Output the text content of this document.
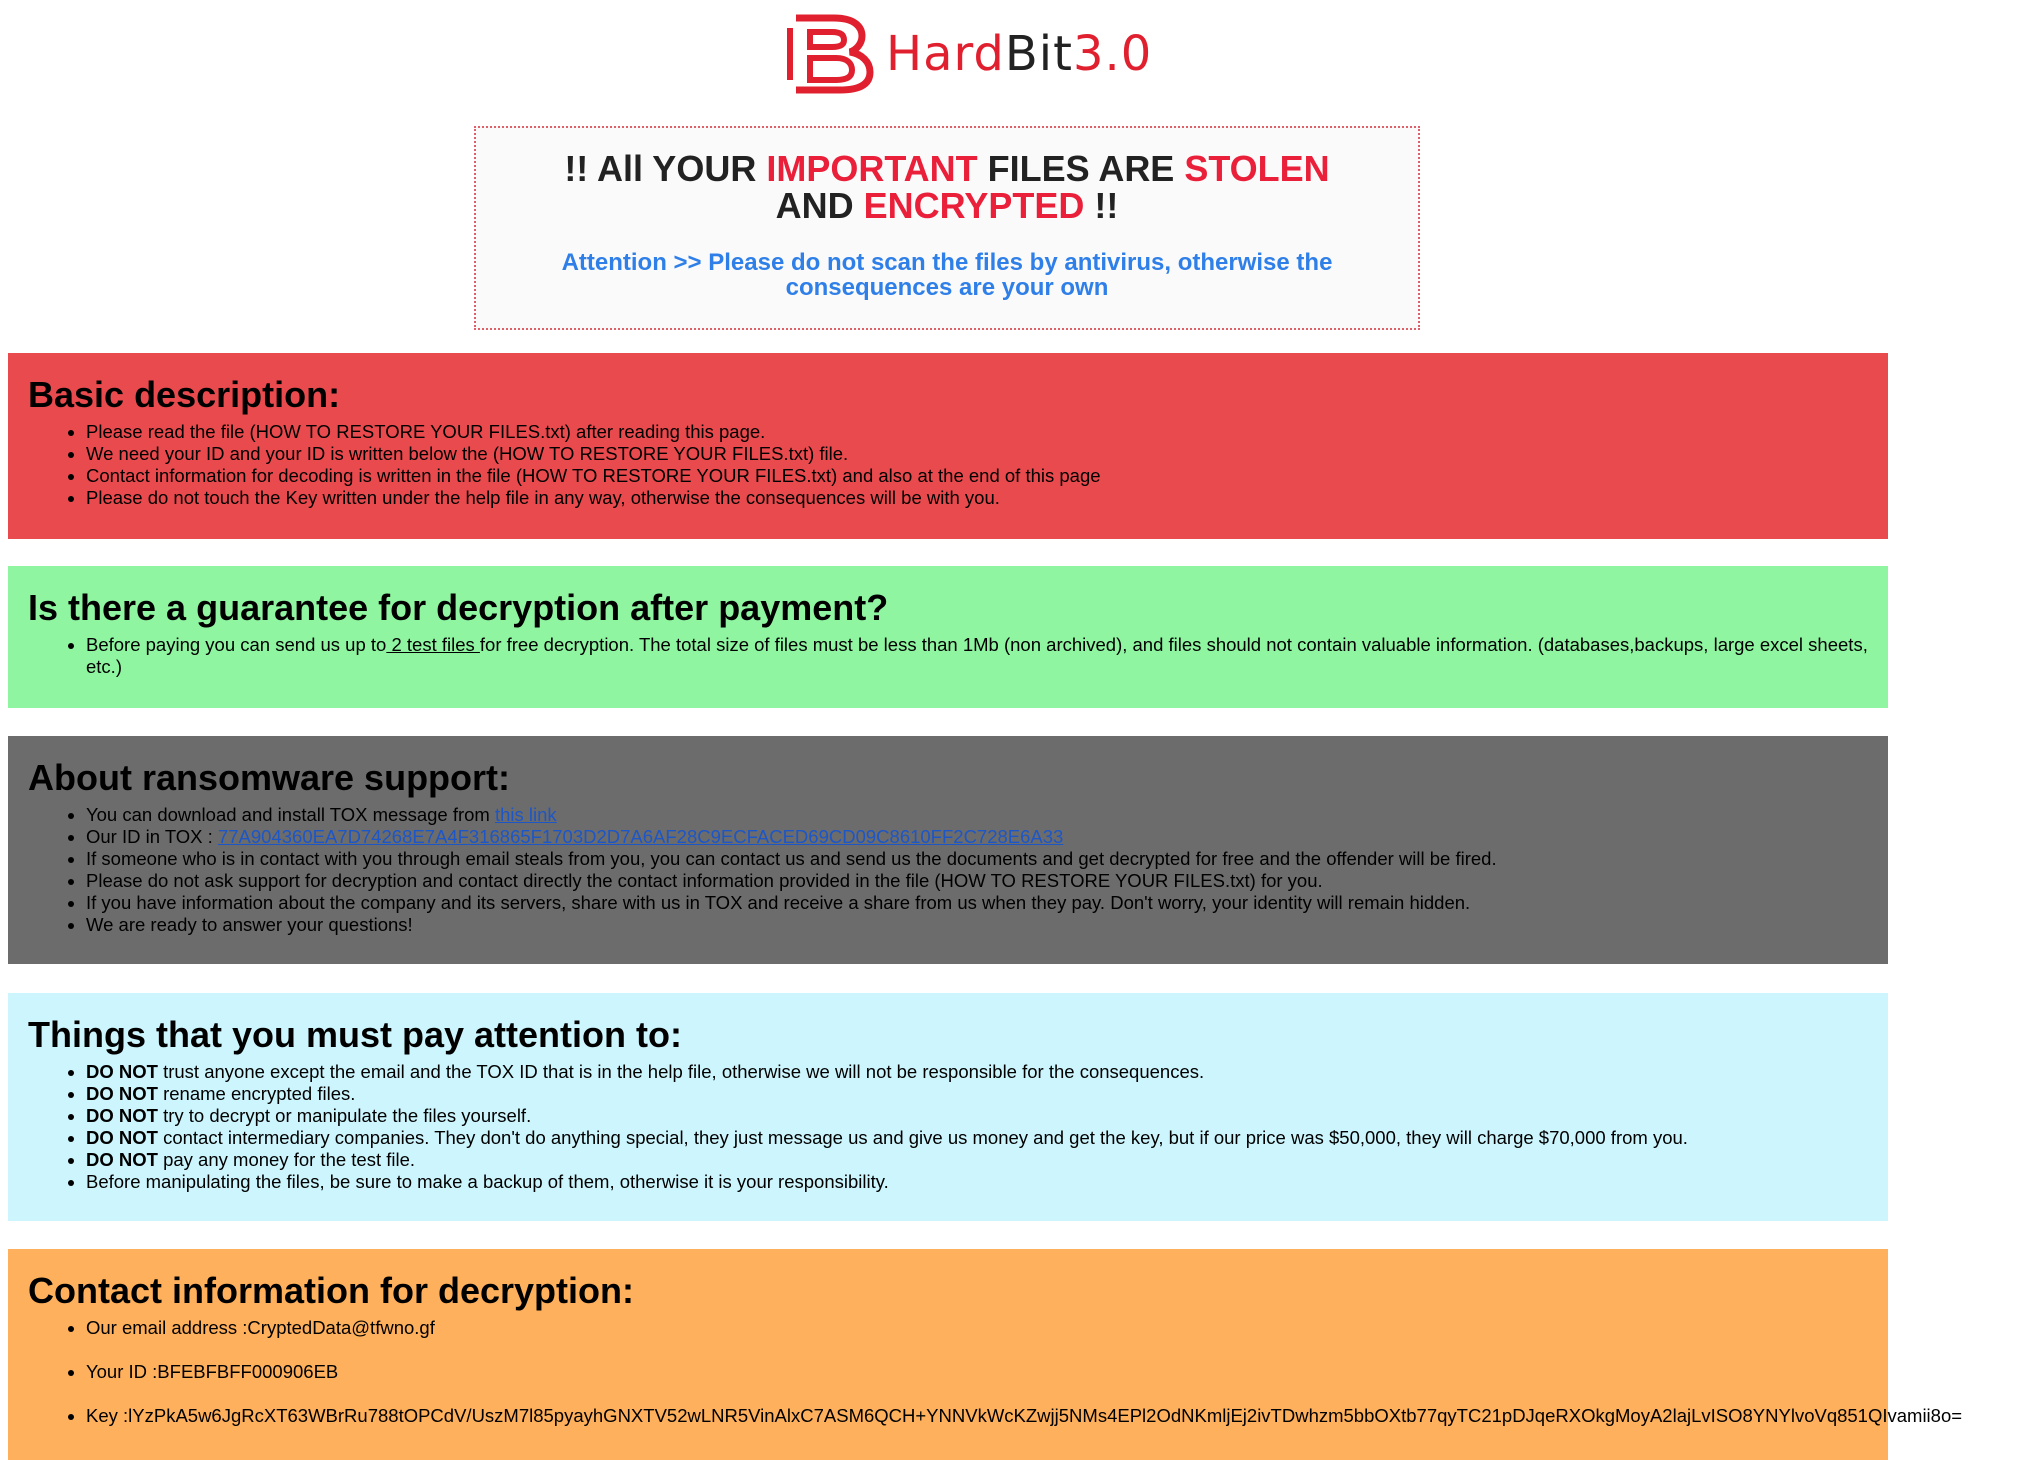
HardBit3.0
!! All YOUR IMPORTANT FILES ARE STOLEN
AND ENCRYPTED !!
Attention >> Please do not scan the files by antivirus, otherwise the consequences are your own
Basic description:
• Please read the file (HOW TO RESTORE YOUR FILES.txt) after reading this page.
• We need your ID and your ID is written below the (HOW TO RESTORE YOUR FILES.txt) file.
• Contact information for decoding is written in the file (HOW TO RESTORE YOUR FILES.txt) and also at the end of this page
• Please do not touch the Key written under the help file in any way, otherwise the consequences will be with you.
Is there a guarantee for decryption after payment?
• Before paying you can send us up to 2 test files for free decryption. The total size of files must be less than 1Mb (non archived), and files should not contain valuable information. (databases,backups, large excel sheets, etc.)
About ransomware support:
• You can download and install TOX message from this link
• Our ID in TOX : 77A904360EA7D74268E7A4F316865F1703D2D7A6AF28C9ECFACED69CD09C8610FF2C728E6A33
• If someone who is in contact with you through email steals from you, you can contact us and send us the documents and get decrypted for free and the offender will be fired.
• Please do not ask support for decryption and contact directly the contact information provided in the file (HOW TO RESTORE YOUR FILES.txt) for you.
• If you have information about the company and its servers, share with us in TOX and receive a share from us when they pay. Don't worry, your identity will remain hidden.
• We are ready to answer your questions!
Things that you must pay attention to:
• DO NOT trust anyone except the email and the TOX ID that is in the help file, otherwise we will not be responsible for the consequences.
• DO NOT rename encrypted files.
• DO NOT try to decrypt or manipulate the files yourself.
• DO NOT contact intermediary companies. They don't do anything special, they just message us and give us money and get the key, but if our price was $50,000, they will charge $70,000 from you.
• DO NOT pay any money for the test file.
• Before manipulating the files, be sure to make a backup of them, otherwise it is your responsibility.
Contact information for decryption:
• Our email address :CryptedData@tfwno.gf
• Your ID :BFEBFBFF000906EB
• Key :lYzPkA5w6JgRcXT63WBrRu788tOPCdV/UszM7l85pyayhGNXTV52wLNR5VinAlxC7ASM6QCH+YNNVkWcKZwjj5NMs4EPl2OdNKmljEj2ivTDwhzm5bbOXtb77qyTC21pDJqeRXOkgMoyA2lajLvISO8YNYlvoVq851QIvamii8o=
